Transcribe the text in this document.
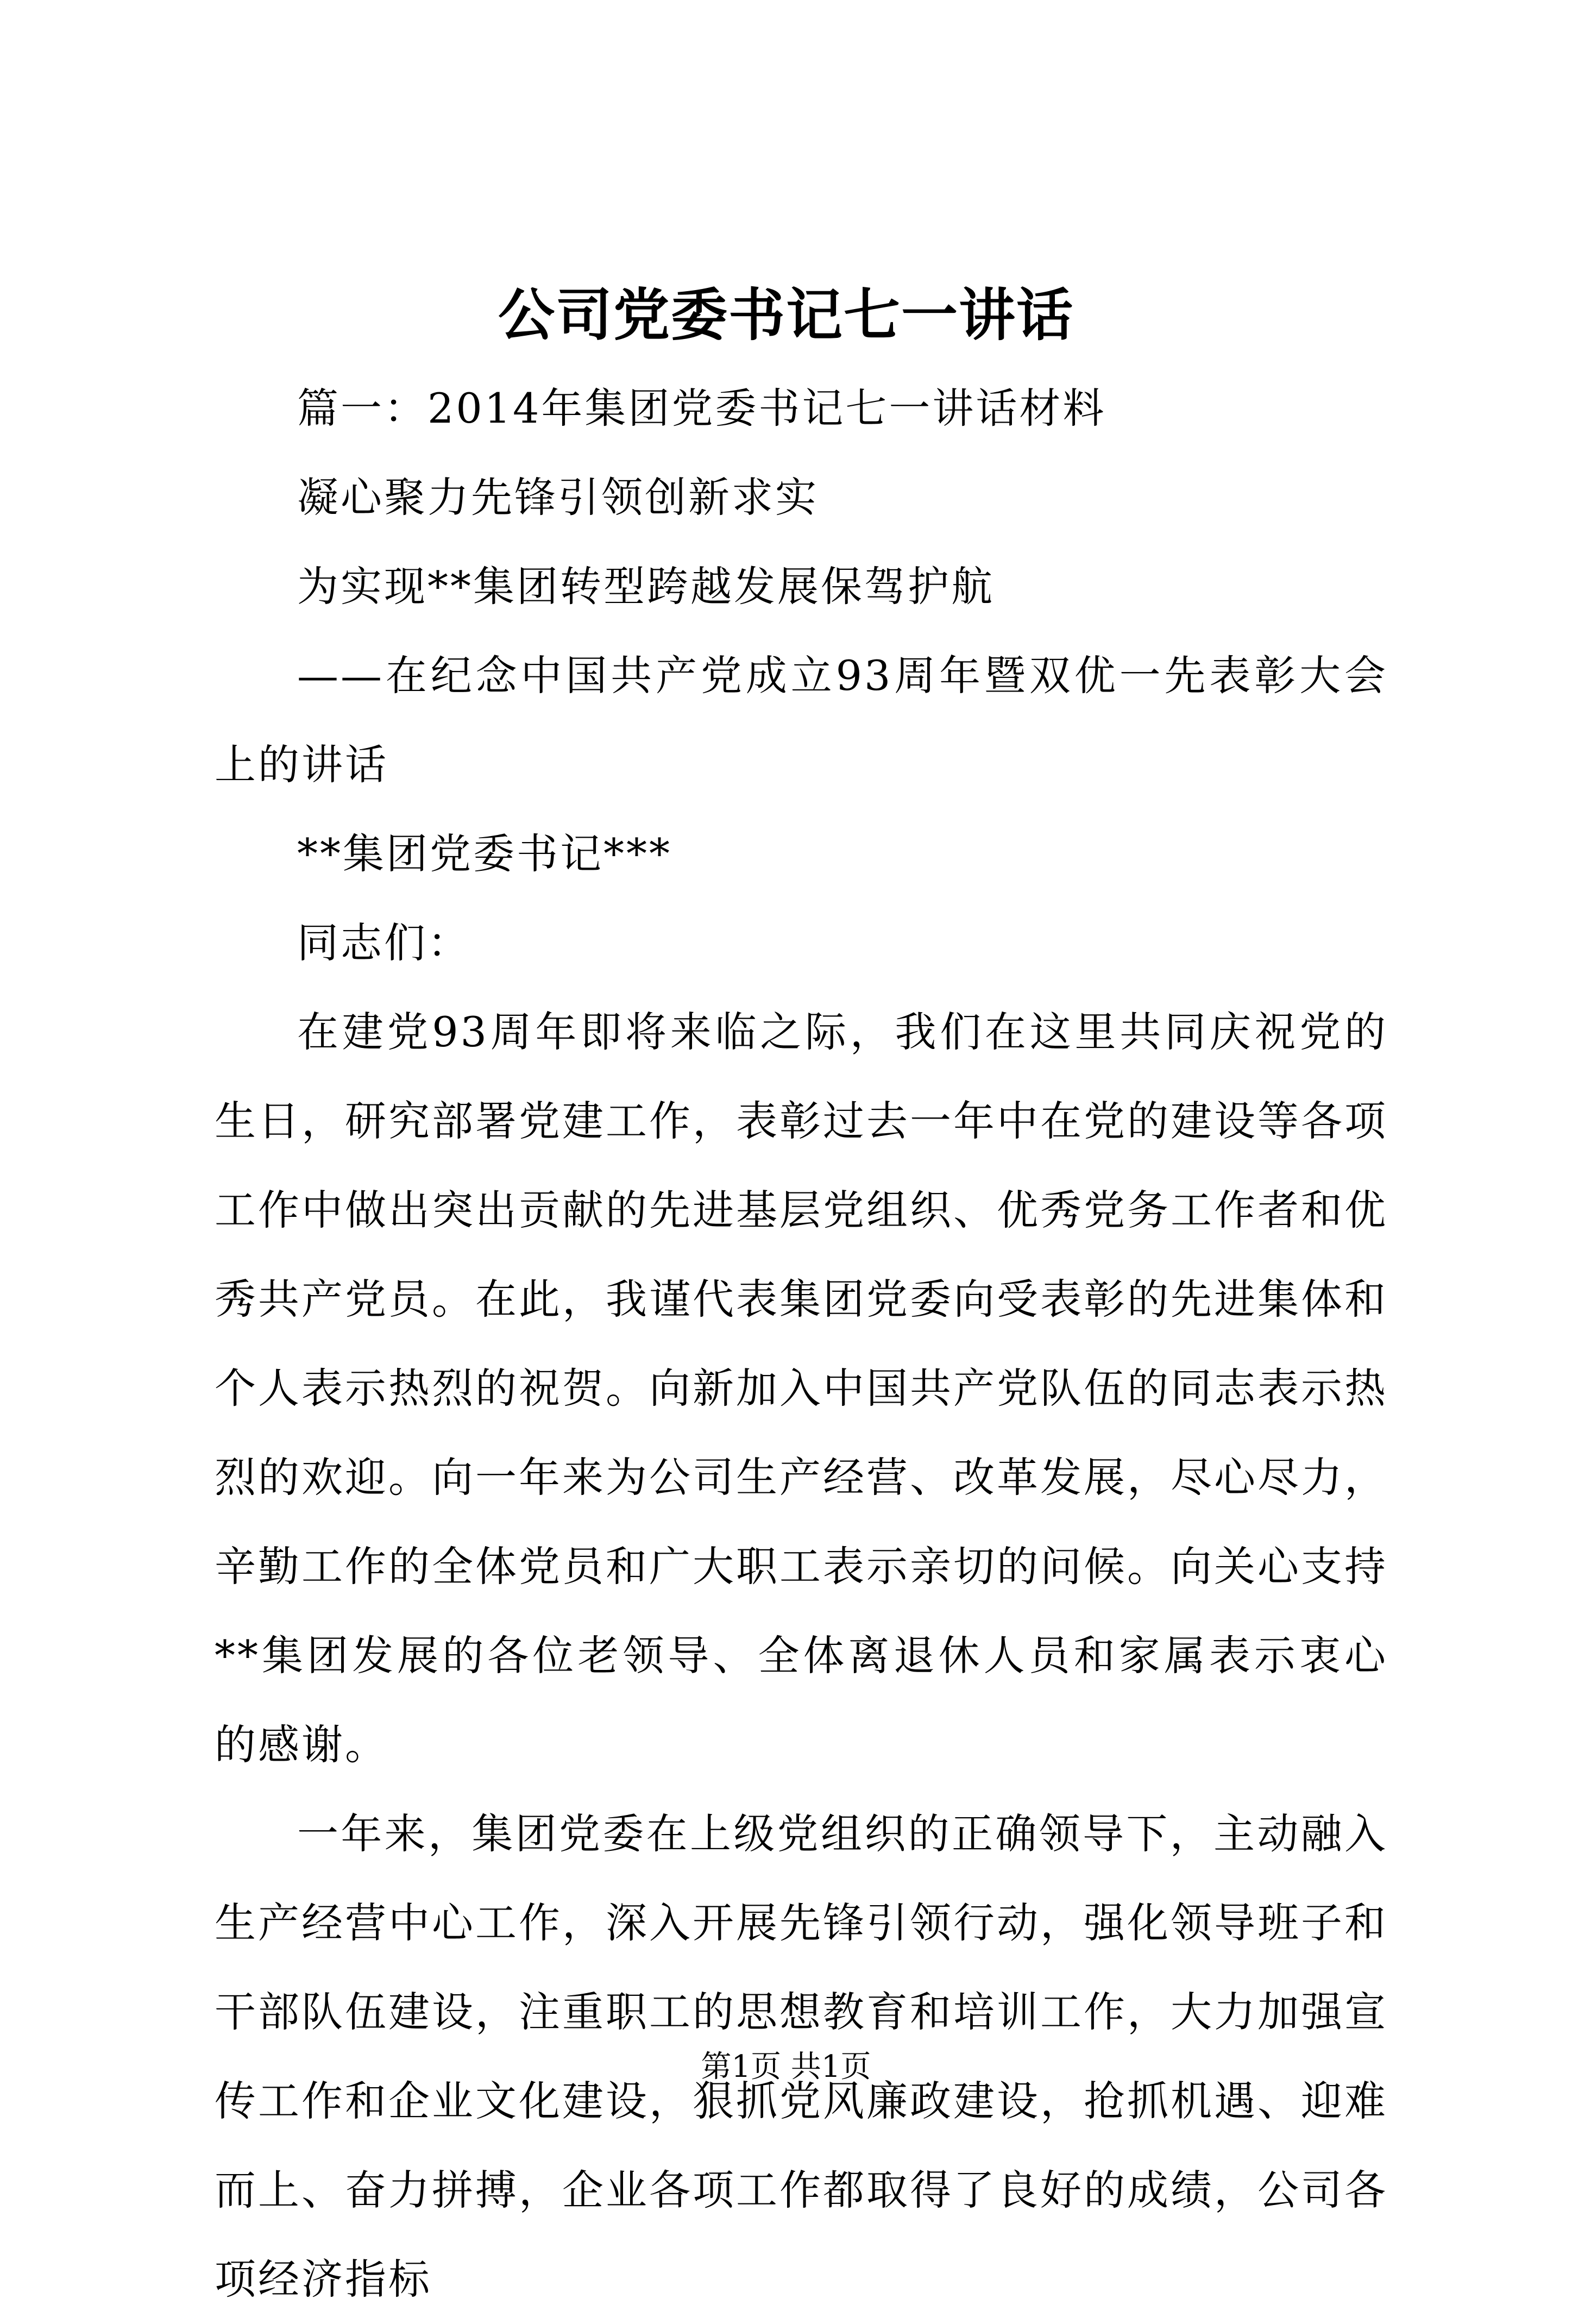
公司党委书记七一讲话

篇一：2014年集团党委书记七一讲话材料

凝心聚力先锋引领创新求实

为实现**集团转型跨越发展保驾护航

——在纪念中国共产党成立93周年暨双优一先表彰大会上的讲话

**集团党委书记***

同志们：

在建党93周年即将来临之际，我们在这里共同庆祝党的生日，研究部署党建工作，表彰过去一年中在党的建设等各项工作中做出突出贡献的先进基层党组织、优秀党务工作者和优秀共产党员。在此，我谨代表集团党委向受表彰的先进集体和个人表示热烈的祝贺。向新加入中国共产党队伍的同志表示热烈的欢迎。向一年来为公司生产经营、改革发展，尽心尽力，辛勤工作的全体党员和广大职工表示亲切的问候。向关心支持**集团发展的各位老领导、全体离退休人员和家属表示衷心的感谢。

一年来，集团党委在上级党组织的正确领导下，主动融入生产经营中心工作，深入开展先锋引领行动，强化领导班子和干部队伍建设，注重职工的思想教育和培训工作，大力加强宣传工作和企业文化建设，狠抓党风廉政建设，抢抓机遇、迎难而上、奋力拼搏，企业各项工作都取得了良好的成绩，公司各项经济指标

第1页 共1页
